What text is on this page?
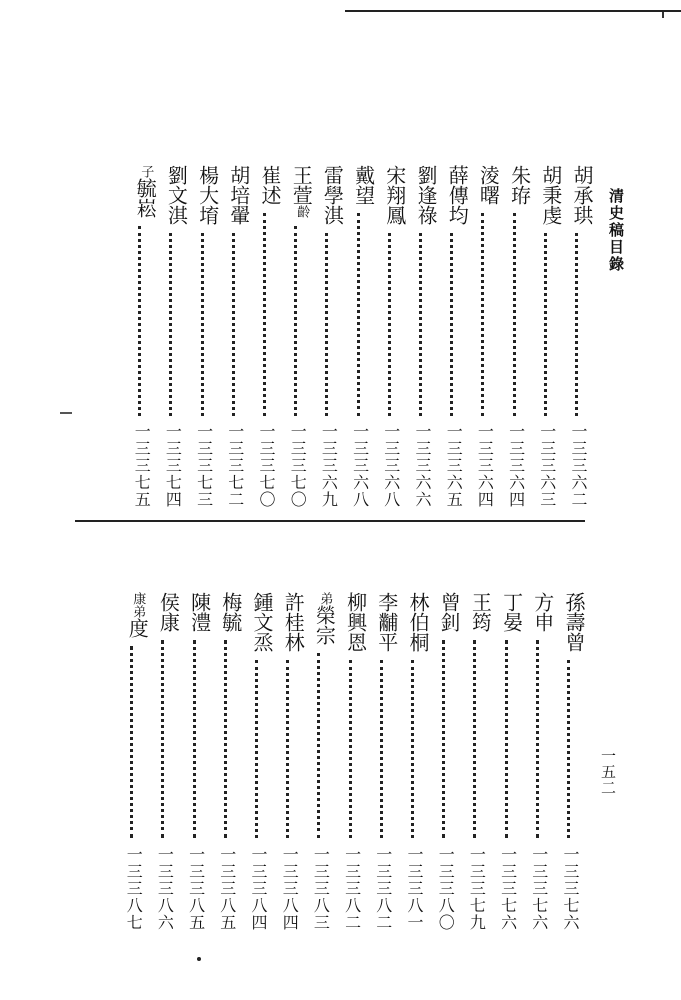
清史稿目錄
一五二
胡承珙
一三三六二
胡秉虔
一三三六三
朱珔
一三三六四
淩曙
一三三六四
薛傳均
一三三六五
劉逢祿
一三三六六
宋翔鳳
一三三六八
戴望
一三三六八
雷學淇
一三三六九
王萱齡
一三三七〇
崔述
一三三七〇
胡培翬
一三三七二
楊大堉
一三三七三
劉文淇
一三三七四
子毓崧
一三三七五
孫壽曾
一三三七六
方申
一三三七六
丁晏
一三三七六
王筠
一三三七九
曾釗
一三三八〇
林伯桐
一三三八一
李黼平
一三三八二
柳興恩
一三三八二
弟榮宗
一三三八三
許桂林
一三三八四
鍾文烝
一三三八四
梅毓
一三三八五
陳澧
一三三八五
侯康
一三三八六
康弟度
一三三八七
